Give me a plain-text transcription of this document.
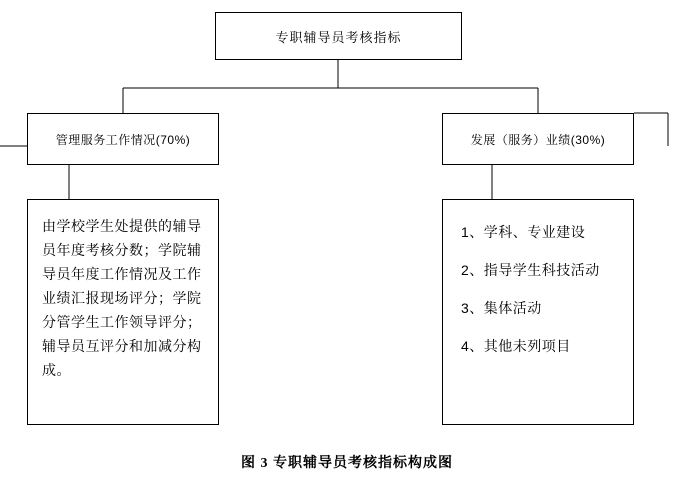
专职辅导员考核指标
管理服务工作情况(70%)	发展（服务）业绩(30%)
由学校学生处提供的辅导员年度考核分数；学院辅导员年度工作情况及工作业绩汇报现场评分；学院分管学生工作领导评分；辅导员互评分和加减分构成。
1、学科、专业建设
2、指导学生科技活动
3、集体活动
4、其他未列项目
图 3 专职辅导员考核指标构成图
